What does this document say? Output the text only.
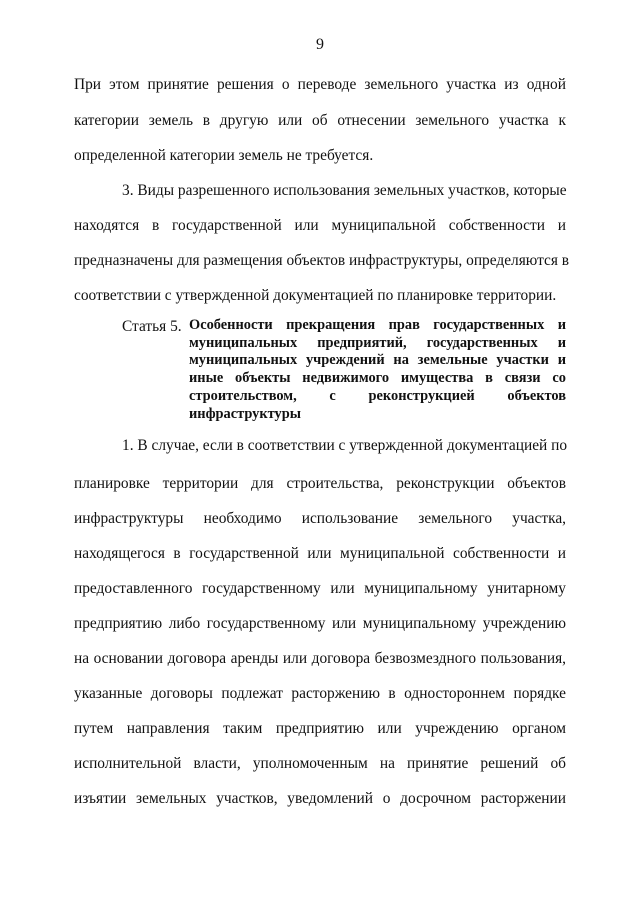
9
При этом принятие решения о переводе земельного участка из одной
категории земель в другую или об отнесении земельного участка к
определенной категории земель не требуется.
3. Виды разрешенного использования земельных участков, которые
находятся в государственной или муниципальной собственности и
предназначены для размещения объектов инфраструктуры, определяются в
соответствии с утвержденной документацией по планировке территории.
Статья 5. Особенности прекращения прав государственных и
муниципальных предприятий, государственных и
муниципальных учреждений на земельные участки и
иные объекты недвижимого имущества в связи со
строительством, с реконструкцией объектов
инфраструктуры
1. В случае, если в соответствии с утвержденной документацией по
планировке территории для строительства, реконструкции объектов
инфраструктуры необходимо использование земельного участка,
находящегося в государственной или муниципальной собственности и
предоставленного государственному или муниципальному унитарному
предприятию либо государственному или муниципальному учреждению
на основании договора аренды или договора безвозмездного пользования,
указанные договоры подлежат расторжению в одностороннем порядке
путем направления таким предприятию или учреждению органом
исполнительной власти, уполномоченным на принятие решений об
изъятии земельных участков, уведомлений о досрочном расторжении
